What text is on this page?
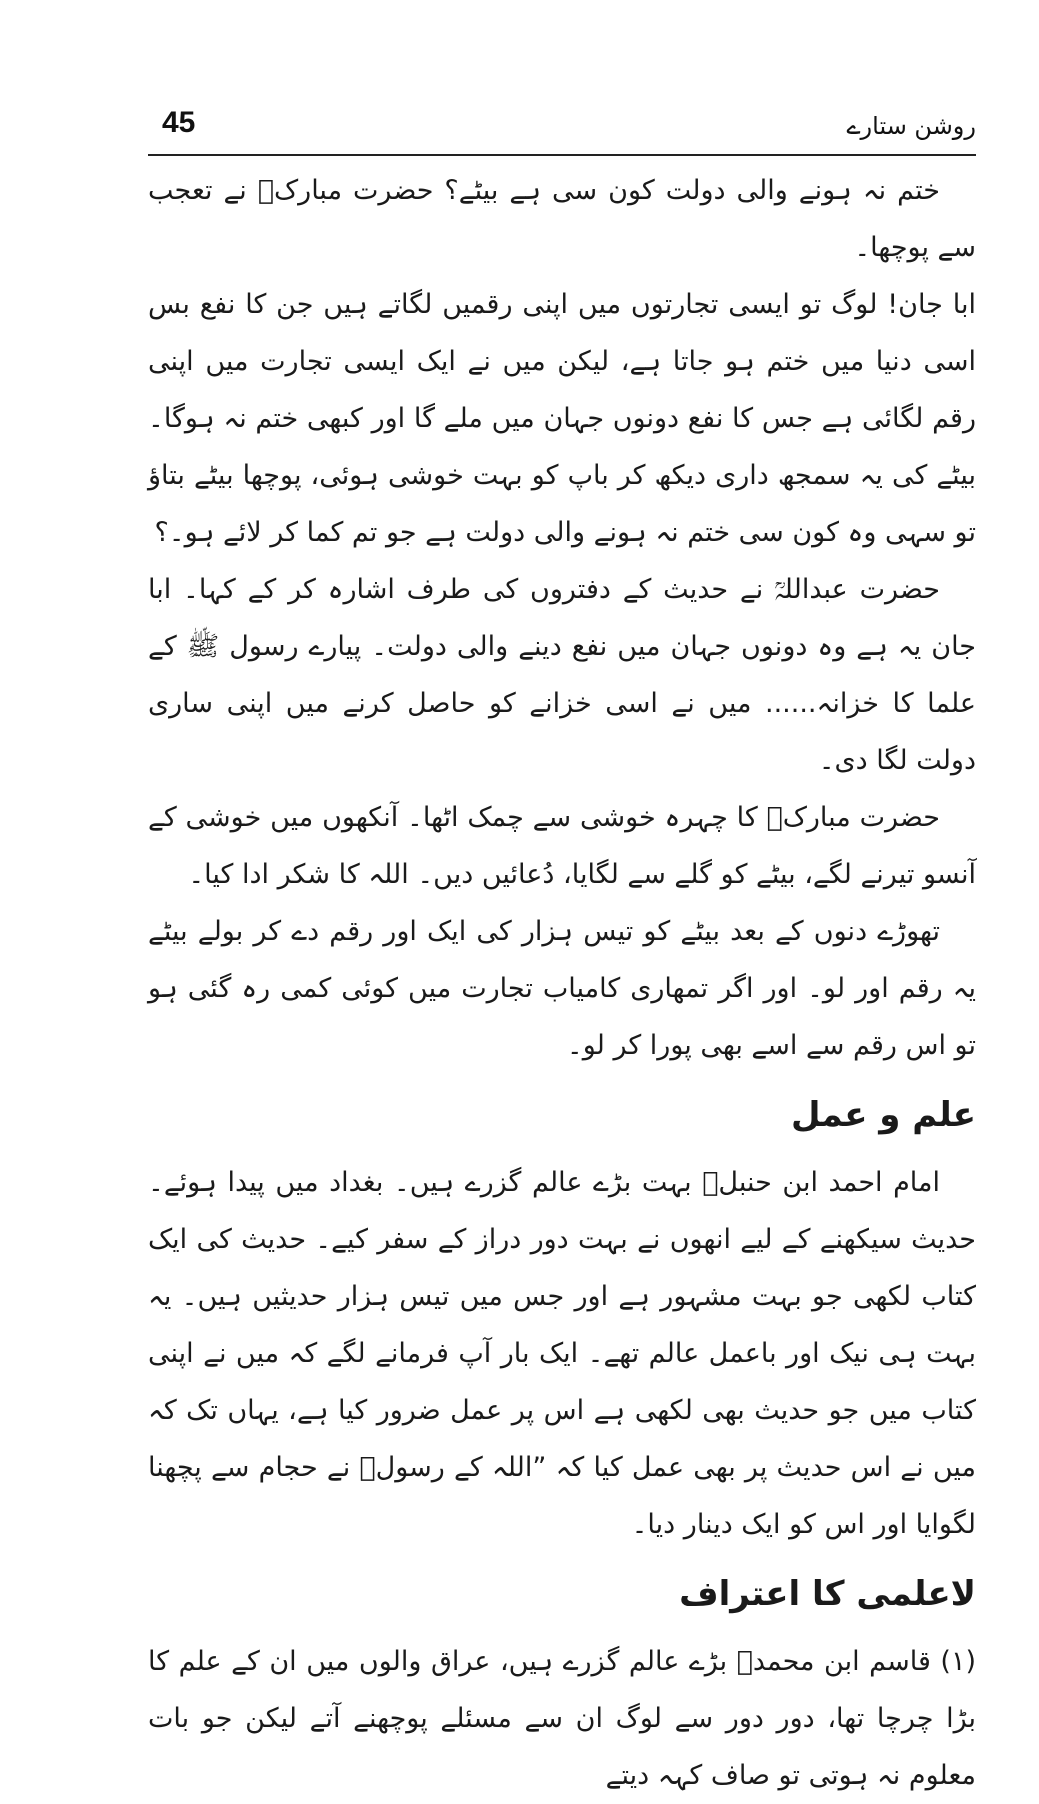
45	روشن ستارے

ختم نہ ہونے والی دولت کون سی ہے بیٹے؟ حضرت مبارکؒ نے تعجب سے پوچھا۔

ابا جان! لوگ تو ایسی تجارتوں میں اپنی رقمیں لگاتے ہیں جن کا نفع بس اسی دنیا میں ختم ہو جاتا ہے، لیکن میں نے ایک ایسی تجارت میں اپنی رقم لگائی ہے جس کا نفع دونوں جہان میں ملے گا اور کبھی ختم نہ ہوگا۔ بیٹے کی یہ سمجھ داری دیکھ کر باپ کو بہت خوشی ہوئی، پوچھا بیٹے بتاؤ تو سہی وہ کون سی ختم نہ ہونے والی دولت ہے جو تم کما کر لائے ہو۔؟

حضرت عبداللہؒ نے حدیث کے دفتروں کی طرف اشارہ کر کے کہا۔ ابا جان یہ ہے وہ دونوں جہان میں نفع دینے والی دولت۔ پیارے رسول ﷺ کے علما کا خزانہ...... میں نے اسی خزانے کو حاصل کرنے میں اپنی ساری دولت لگا دی۔

حضرت مبارکؒ کا چہرہ خوشی سے چمک اٹھا۔ آنکھوں میں خوشی کے آنسو تیرنے لگے، بیٹے کو گلے سے لگایا، دُعائیں دیں۔ اللہ کا شکر ادا کیا۔

تھوڑے دنوں کے بعد بیٹے کو تیس ہزار کی ایک اور رقم دے کر بولے بیٹے یہ رقم اور لو۔ اور اگر تمھاری کامیاب تجارت میں کوئی کمی رہ گئی ہو تو اس رقم سے اسے بھی پورا کر لو۔

علم و عمل

امام احمد ابن حنبلؒ بہت بڑے عالم گزرے ہیں۔ بغداد میں پیدا ہوئے۔ حدیث سیکھنے کے لیے انھوں نے بہت دور دراز کے سفر کیے۔ حدیث کی ایک کتاب لکھی جو بہت مشہور ہے اور جس میں تیس ہزار حدیثیں ہیں۔ یہ بہت ہی نیک اور باعمل عالم تھے۔ ایک بار آپ فرمانے لگے کہ میں نے اپنی کتاب میں جو حدیث بھی لکھی ہے اس پر عمل ضرور کیا ہے، یہاں تک کہ میں نے اس حدیث پر بھی عمل کیا کہ ”اللہ کے رسولؐ نے حجام سے پچھنا لگوایا اور اس کو ایک دینار دیا۔

لاعلمی کا اعتراف

(۱) قاسم ابن محمدؒ بڑے عالم گزرے ہیں، عراق والوں میں ان کے علم کا بڑا چرچا تھا، دور دور سے لوگ ان سے مسئلے پوچھنے آتے لیکن جو بات معلوم نہ ہوتی تو صاف کہہ دیتے
